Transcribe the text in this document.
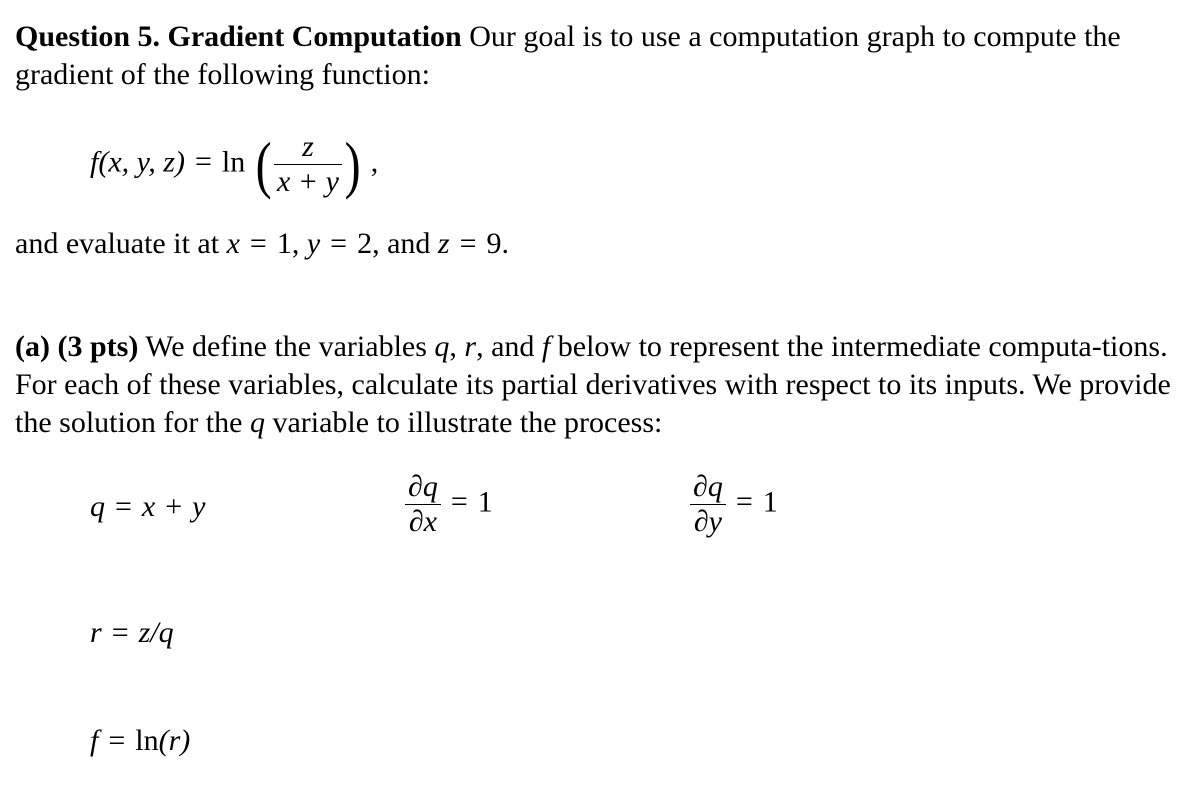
Question 5. Gradient Computation Our goal is to use a computation graph to compute the gradient of the following function:
f(x, y, z) = ln ( $\frac{z}{x + y}$ ) ,
and evaluate it at x = 1, y = 2, and z = 9.
(a) (3 pts) We define the variables q, r, and f below to represent the intermediate computa-tions. For each of these variables, calculate its partial derivatives with respect to its inputs. We provide the solution for the q variable to illustrate the process:
q = x + y	$\frac{\partial q}{\partial x} = 1$	$\frac{\partial q}{\partial y} = 1$
r = z/q
f = ln(r)
